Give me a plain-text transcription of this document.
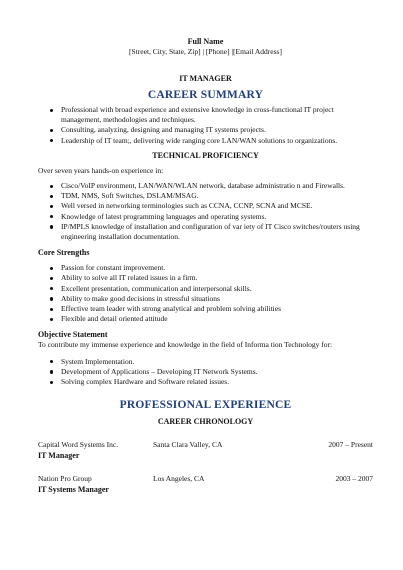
Full Name
[Street, City, State, Zip] | [Phone] |[Email Address]
IT MANAGER
CAREER SUMMARY
Professional with broad experience and extensive knowledge in cross-functional IT project management, methodologies and techniques.
Consulting, analyzing, designing and managing IT systems projects.
Leadership of IT team;, delivering wide ranging core LAN/WAN solutions to organizations.
TECHNICAL PROFICIENCY
Over seven years hands-on experience in:
Cisco/VoIP environment, LAN/WAN/WLAN network, database administratio n and Firewalls.
TDM, NMS, Soft Switches, DSLAM/MSAG.
Well versed in networking terminologies such as CCNA, CCNP, SCNA and MCSE.
Knowledge of latest programming languages and operating systems.
IP/MPLS knowledge of installation and configuration of var iety of IT Cisco switches/routers using engineering installation documentation.
Core Strengths
Passion for constant improvement.
Ability to solve all IT related issues in a firm.
Excellent presentation, communication and interpersonal skills.
Ability to make good decisions in stressful situations
Effective team leader with strong analytical and problem solving abilities
Flexible and detail oriented attitude
Objective Statement
To contribute my immense experience and knowledge in the field of Informa tion Technology for:
System Implementation.
Development of Applications – Developing IT Network Systems.
Solving complex Hardware and Software related issues.
PROFESSIONAL EXPERIENCE
CAREER CHRONOLOGY
Capital Word Systems Inc.	Santa Clara Valley, CA	2007 – Present
IT Manager
Nation Pro Group	Los Angeles, CA	2003 – 2007
IT Systems Manager
